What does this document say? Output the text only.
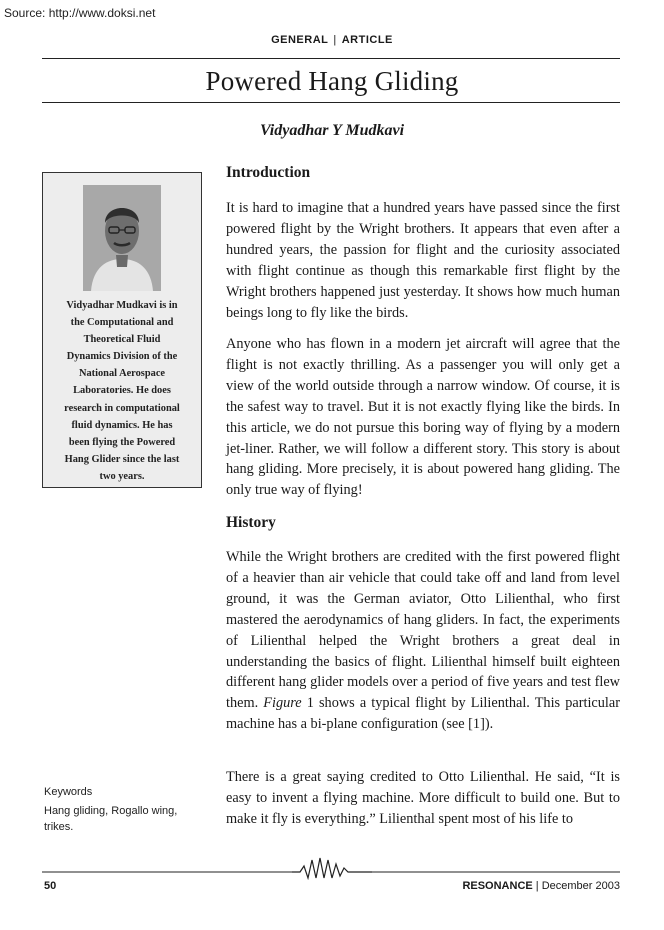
Source: http://www.doksi.net
GENERAL | ARTICLE
Powered Hang Gliding
Vidyadhar Y Mudkavi
Vidyadhar Mudkavi is in
the Computational and
Theoretical Fluid
Dynamics Division of the
National Aerospace
Laboratories. He does
research in computational
fluid dynamics. He has
been flying the Powered
Hang Glider since the last
two years.
Keywords
Hang gliding, Rogallo wing, trikes.
Introduction

It is hard to imagine that a hundred years have passed since the first powered flight by the Wright brothers. It appears that even after a hundred years, the passion for flight and the curiosity associated with flight continue as though this remarkable first flight by the Wright brothers happened just yesterday. It shows how much human beings long to fly like the birds.

Anyone who has flown in a modern jet aircraft will agree that the flight is not exactly thrilling. As a passenger you will only get a view of the world outside through a narrow window. Of course, it is the safest way to travel. But it is not exactly flying like the birds. In this article, we do not pursue this boring way of flying by a modern jet-liner. Rather, we will follow a different story. This story is about hang gliding. More precisely, it is about powered hang gliding. The only true way of flying!

History

While the Wright brothers are credited with the first powered flight of a heavier than air vehicle that could take off and land from level ground, it was the German aviator, Otto Lilienthal, who first mastered the aerodynamics of hang gliders. In fact, the experiments of Lilienthal helped the Wright brothers a great deal in understanding the basics of flight. Lilienthal himself built eighteen different hang glider models over a period of five years and test flew them. Figure 1 shows a typical flight by Lilienthal. This particular machine has a bi-plane configuration (see [1]).

There is a great saying credited to Otto Lilienthal. He said, “It is easy to invent a flying machine. More difficult to build one. But to make it fly is everything.” Lilienthal spent most of his life to

50	RESONANCE | December 2003
